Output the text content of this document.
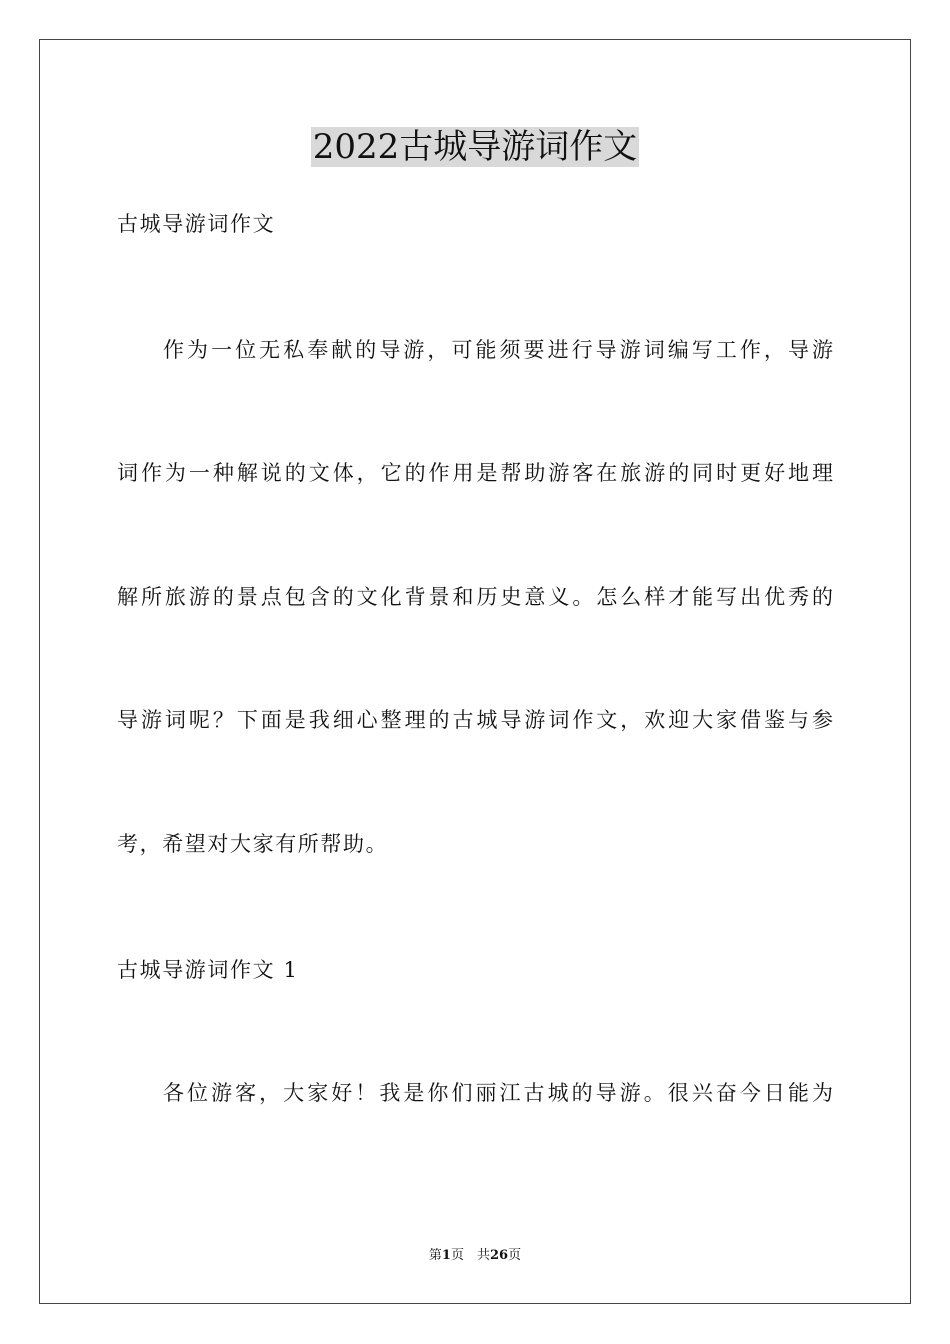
2022古城导游词作文
古城导游词作文
作为一位无私奉献的导游，可能须要进行导游词编写工作，导游
词作为一种解说的文体，它的作用是帮助游客在旅游的同时更好地理
解所旅游的景点包含的文化背景和历史意义。怎么样才能写出优秀的
导游词呢？下面是我细心整理的古城导游词作文，欢迎大家借鉴与参
考，希望对大家有所帮助。
古城导游词作文 1
各位游客，大家好！我是你们丽江古城的导游。很兴奋今日能为
第1页　共26页
